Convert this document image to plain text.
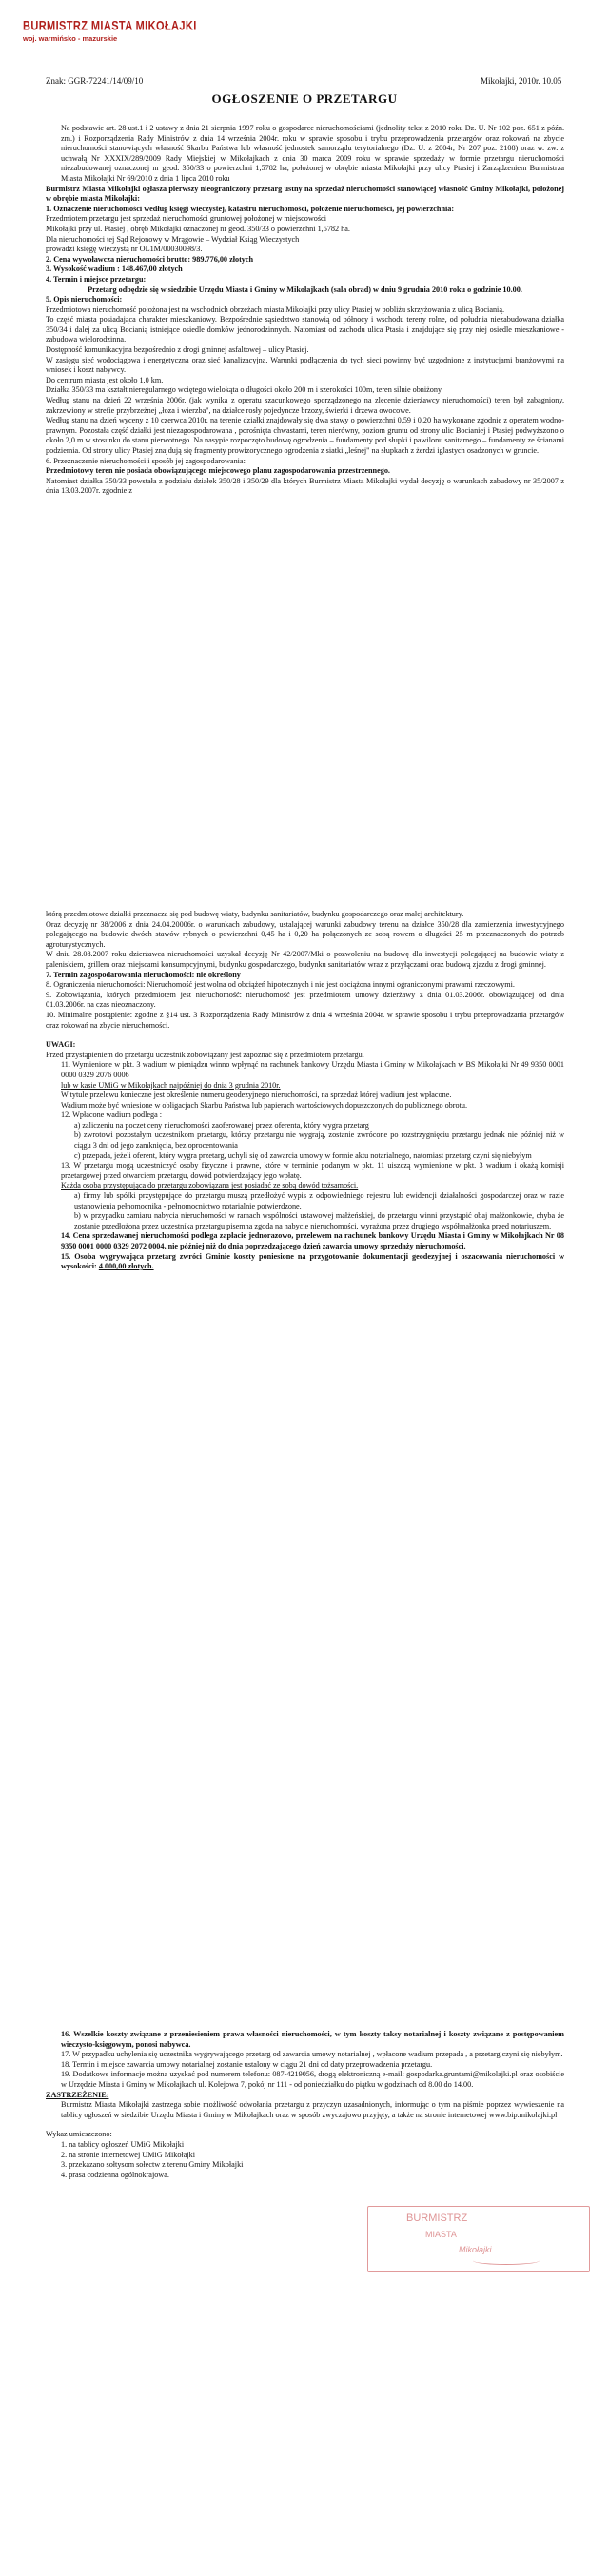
BURMISTRZ MIASTA MIKOŁAJKI
woj. warmińsko - mazurskie
Znak: GGR-72241/14/09/10	Mikołajki, 2010r. 10.05
OGŁOSZENIE O PRZETARGU

Na podstawie art. 28 ust.1 i 2 ustawy z dnia 21 sierpnia 1997 roku o gospodarce nieruchomościami (jednolity tekst z 2010 roku Dz. U. Nr 102 poz. 651 z późn. zm.) i Rozporządzenia Rady Ministrów z dnia 14 września 2004r. roku w sprawie sposobu i trybu przeprowadzenia przetargów oraz rokowań na zbycie nieruchomości stanowiących własność Skarbu Państwa lub własność jednostek samorządu terytorialnego (Dz. U. z 2004r, Nr 207 poz. 2108) oraz w. zw. z uchwałą Nr XXXIX/289/2009 Rady Miejskiej w Mikołajkach z dnia 30 marca 2009 roku w sprawie sprzedaży w formie przetargu nieruchomości niezabudowanej oznaczonej nr geod. 350/33 o powierzchni 1,5782 ha, położonej w obrębie miasta Mikołajki przy ulicy Ptasiej i Zarządzeniem Burmistrza Miasta Mikołajki Nr 69/2010 z dnia 1 lipca 2010 roku

Burmistrz Miasta Mikołajki ogłasza pierwszy nieograniczony przetarg ustny na sprzedaż nieruchomości stanowiącej własność Gminy Mikołajki, położonej w obrębie miasta Mikołajki:

1. Oznaczenie nieruchomości według księgi wieczystej, katastru nieruchomości, położenie nieruchomości, jej powierzchnia:

Przedmiotem przetargu jest sprzedaż nieruchomości gruntowej położonej w miejscowości

Mikołajki przy ul. Ptasiej , obręb Mikołajki oznaczonej nr geod. 350/33 o powierzchni 1,5782 ha.

Dla nieruchomości tej Sąd Rejonowy w Mrągowie – Wydział Ksiąg Wieczystych

prowadzi księgę wieczystą nr OL1M/00030098/3.

2. Cena wywoławcza nieruchomości brutto: 989.776,00 złotych

3. Wysokość wadium : 148.467,00 złotych

4. Termin i miejsce przetargu:

Przetarg odbędzie się w siedzibie Urzędu Miasta i Gminy w Mikołajkach (sala obrad) w dniu 9 grudnia 2010 roku o godzinie 10.00.

5. Opis nieruchomości:

Przedmiotowa nieruchomość położona jest na wschodnich obrzeżach miasta Mikołajki przy ulicy Ptasiej w pobliżu skrzyżowania z ulicą Bocianią.

To część miasta posiadająca charakter mieszkaniowy. Bezpośrednie sąsiedztwo stanowią od północy i wschodu tereny rolne, od południa niezabudowana działka 350/34 i dalej za ulicą Bocianią istniejące osiedle domków jednorodzinnych. Natomiast od zachodu ulica Ptasia i znajdujące się przy niej osiedle mieszkaniowe - zabudowa wielorodzinna.

Dostępność komunikacyjna bezpośrednio z drogi gminnej asfaltowej – ulicy Ptasiej.

W zasięgu sieć wodociągowa i energetyczna oraz sieć kanalizacyjna. Warunki podłączenia do tych sieci powinny być uzgodnione z instytucjami branżowymi na wniosek i koszt nabywcy.

Do centrum miasta jest około 1,0 km.

Działka 350/33 ma kształt nieregularnego wciętego wielokąta o długości około 200 m i szerokości 100m, teren silnie obniżony.

Według stanu na dzień 22 września 2006r. (jak wynika z operatu szacunkowego sporządzonego na zlecenie dzierżawcy nieruchomości) teren był zabagniony, zakrzewiony w strefie przybrzeżnej „łoza i wierzba", na działce rosły pojedyncze brzozy, świerki i drzewa owocowe.

Według stanu na dzień wyceny z 10 czerwca 2010r. na terenie działki znajdowały się dwa stawy o powierzchni 0,59 i 0,20 ha wykonane zgodnie z operatem wodno-prawnym. Pozostała część działki jest niezagospodarowana , porośnięta chwastami, teren nierówny, poziom gruntu od strony ulic Bocianiej i Ptasiej podwyższono o około 2,0 m w stosunku do stanu pierwotnego. Na nasypie rozpoczęto budowę ogrodzenia – fundamenty pod słupki i pawilonu sanitarnego – fundamenty ze ścianami podziemia. Od strony ulicy Ptasiej znajdują się fragmenty prowizorycznego ogrodzenia z siatki „leśnej" na słupkach z żerdzi iglastych osadzonych w gruncie.

6. Przeznaczenie nieruchomości i sposób jej zagospodarowania:

Przedmiotowy teren nie posiada obowiązującego miejscowego planu zagospodarowania przestrzennego.

Natomiast działka 350/33 powstała z podziału działek 350/28 i 350/29 dla których Burmistrz Miasta Mikołajki wydał decyzję o warunkach zabudowy nr 35/2007 z dnia 13.03.2007r. zgodnie z

którą przedmiotowe działki przeznacza się pod budowę wiaty, budynku sanitariatów, budynku gospodarczego oraz małej architektury.

Oraz decyzję nr 38/2006 z dnia 24.04.20006r. o warunkach zabudowy, ustalającej warunki zabudowy terenu na działce 350/28 dla zamierzenia inwestycyjnego polegającego na budowie dwóch stawów rybnych o powierzchni 0,45 ha i 0,20 ha połączonych ze sobą rowem o długości 25 m przeznaczonych do potrzeb agroturystycznych.

W dniu 28.08.2007 roku dzierżawca nieruchomości uzyskał decyzję Nr 42/2007/Mki o pozwoleniu na budowę dla inwestycji polegającej na budowie wiaty z paleniskiem, grillem oraz miejscami konsumpcyjnymi, budynku gospodarczego, budynku sanitariatów wraz z przyłączami oraz budową zjazdu z drogi gminnej.

7. Termin zagospodarowania nieruchomości: nie określony

8. Ograniczenia nieruchomości: Nieruchomość jest wolna od obciążeń hipotecznych i nie jest obciążona innymi ograniczonymi prawami rzeczowymi.

9. Zobowiązania, których przedmiotem jest nieruchomość: nieruchomość jest przedmiotem umowy dzierżawy z dnia 01.03.2006r. obowiązującej od dnia 01.03.2006r. na czas nieoznaczony.

10. Minimalne postąpienie: zgodne z §14 ust. 3 Rozporządzenia Rady Ministrów z dnia 4 września 2004r. w sprawie sposobu i trybu przeprowadzania przetargów oraz rokowań na zbycie nieruchomości.

UWAGI:

Przed przystąpieniem do przetargu uczestnik zobowiązany jest zapoznać się z przedmiotem przetargu.

11. Wymienione w pkt. 3 wadium w pieniądzu winno wpłynąć na rachunek bankowy Urzędu Miasta i Gminy w Mikołajkach w BS Mikołajki Nr 49 9350 0001 0000 0329 2076 0006

lub w kasie UMiG w Mikołajkach najpóźniej do dnia 3 grudnia 2010r.

W tytule przelewu konieczne jest określenie numeru geodezyjnego nieruchomości, na sprzedaż której wadium jest wpłacone.

Wadium może być wniesione w obligacjach Skarbu Państwa lub papierach wartościowych dopuszczonych do publicznego obrotu.

12. Wpłacone wadium podlega :

a) zaliczeniu na poczet ceny nieruchomości zaoferowanej przez oferenta, który wygra przetarg

b) zwrotowi pozostałym uczestnikom przetargu, którzy przetargu nie wygrają, zostanie zwrócone po rozstrzygnięciu przetargu jednak nie później niż w ciągu 3 dni od jego zamknięcia, bez oprocentowania

c) przepada, jeżeli oferent, który wygra przetarg, uchyli się od zawarcia umowy w formie aktu notarialnego, natomiast przetarg czyni się niebyłym

13. W przetargu mogą uczestniczyć osoby fizyczne i prawne, które w terminie podanym w pkt. 11 uiszczą wymienione w pkt. 3 wadium i okażą komisji przetargowej przed otwarciem przetargu, dowód potwierdzający jego wpłatę.

Każda osoba przystępująca do przetargu zobowiązana jest posiadać ze sobą dowód tożsamości.

a) firmy lub spółki przystępujące do przetargu muszą przedłożyć wypis z odpowiedniego rejestru lub ewidencji działalności gospodarczej oraz w razie ustanowienia pełnomocnika - pełnomocnictwo notarialnie potwierdzone.

b) w przypadku zamiaru nabycia nieruchomości w ramach wspólności ustawowej małżeńskiej, do przetargu winni przystąpić obaj małżonkowie, chyba że zostanie przedłożona przez uczestnika przetargu pisemna zgoda na nabycie nieruchomości, wyrażona przez drugiego współmałżonka przed notariuszem.

14. Cena sprzedawanej nieruchomości podlega zapłacie jednorazowo, przelewem na rachunek bankowy Urzędu Miasta i Gminy w Mikołajkach Nr 08 9350 0001 0000 0329 2072 0004, nie później niż do dnia poprzedzającego dzień zawarcia umowy sprzedaży nieruchomości.

15. Osoba wygrywająca przetarg zwróci Gminie koszty poniesione na przygotowanie dokumentacji geodezyjnej i oszacowania nieruchomości w wysokości: 4.000,00 złotych.

16. Wszelkie koszty związane z przeniesieniem prawa własności nieruchomości, w tym koszty taksy notarialnej i koszty związane z postępowaniem wieczysto-księgowym, ponosi nabywca.

17. W przypadku uchylenia się uczestnika wygrywającego przetarg od zawarcia umowy notarialnej , wpłacone wadium przepada , a przetarg czyni się niebyłym.

18. Termin i miejsce zawarcia umowy notarialnej zostanie ustalony w ciągu 21 dni od daty przeprowadzenia przetargu.

19. Dodatkowe informacje można uzyskać pod numerem telefonu: 087-4219056, drogą elektroniczną e-mail: gospodarka.gruntami@mikolajki.pl oraz osobiście w Urzędzie Miasta i Gminy w Mikołajkach ul. Kolejowa 7, pokój nr 111 - od poniedziałku do piątku w godzinach od 8.00 do 14.00.

ZASTRZEŻENIE:

Burmistrz Miasta Mikołajki zastrzega sobie możliwość odwołania przetargu z przyczyn uzasadnionych, informując o tym na piśmie poprzez wywieszenie na tablicy ogłoszeń w siedzibie Urzędu Miasta i Gminy w Mikołajkach oraz w sposób zwyczajowo przyjęty, a także na stronie internetowej www.bip.mikolajki.pl

Wykaz umieszczono:

1. na tablicy ogłoszeń UMiG Mikołajki

2. na stronie internetowej UMiG Mikołajki

3. przekazano sołtysom sołectw z terenu Gminy Mikołajki

4. prasa codzienna ogólnokrajowa.

BURMISTRZ
MIASTA
Mikołajki
